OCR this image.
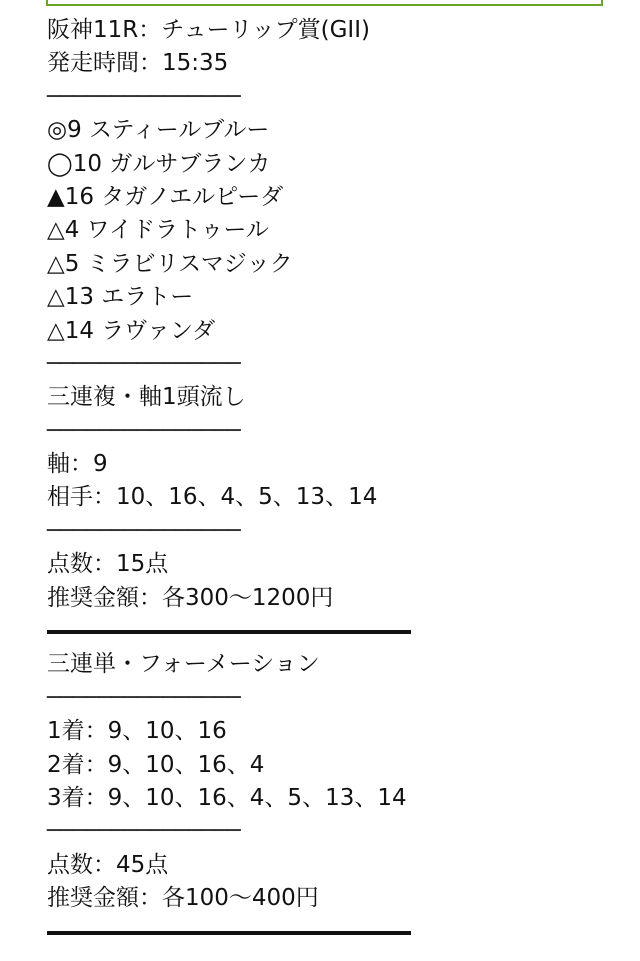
阪神11R：チューリップ賞(GII)
発走時間：15:35
───────────────
◎9 スティールブルー
◯10 ガルサブランカ
▲16 タガノエルピーダ
△4 ワイドラトゥール
△5 ミラビリスマジック
△13 エラトー
△14 ラヴァンダ
───────────────
三連複・軸1頭流し
───────────────
軸：9
相手：10、16、4、5、13、14
───────────────
点数：15点
推奨金額：各300〜1200円
三連単・フォーメーション
───────────────
1着：9、10、16
2着：9、10、16、4
3着：9、10、16、4、5、13、14
───────────────
点数：45点
推奨金額：各100〜400円
